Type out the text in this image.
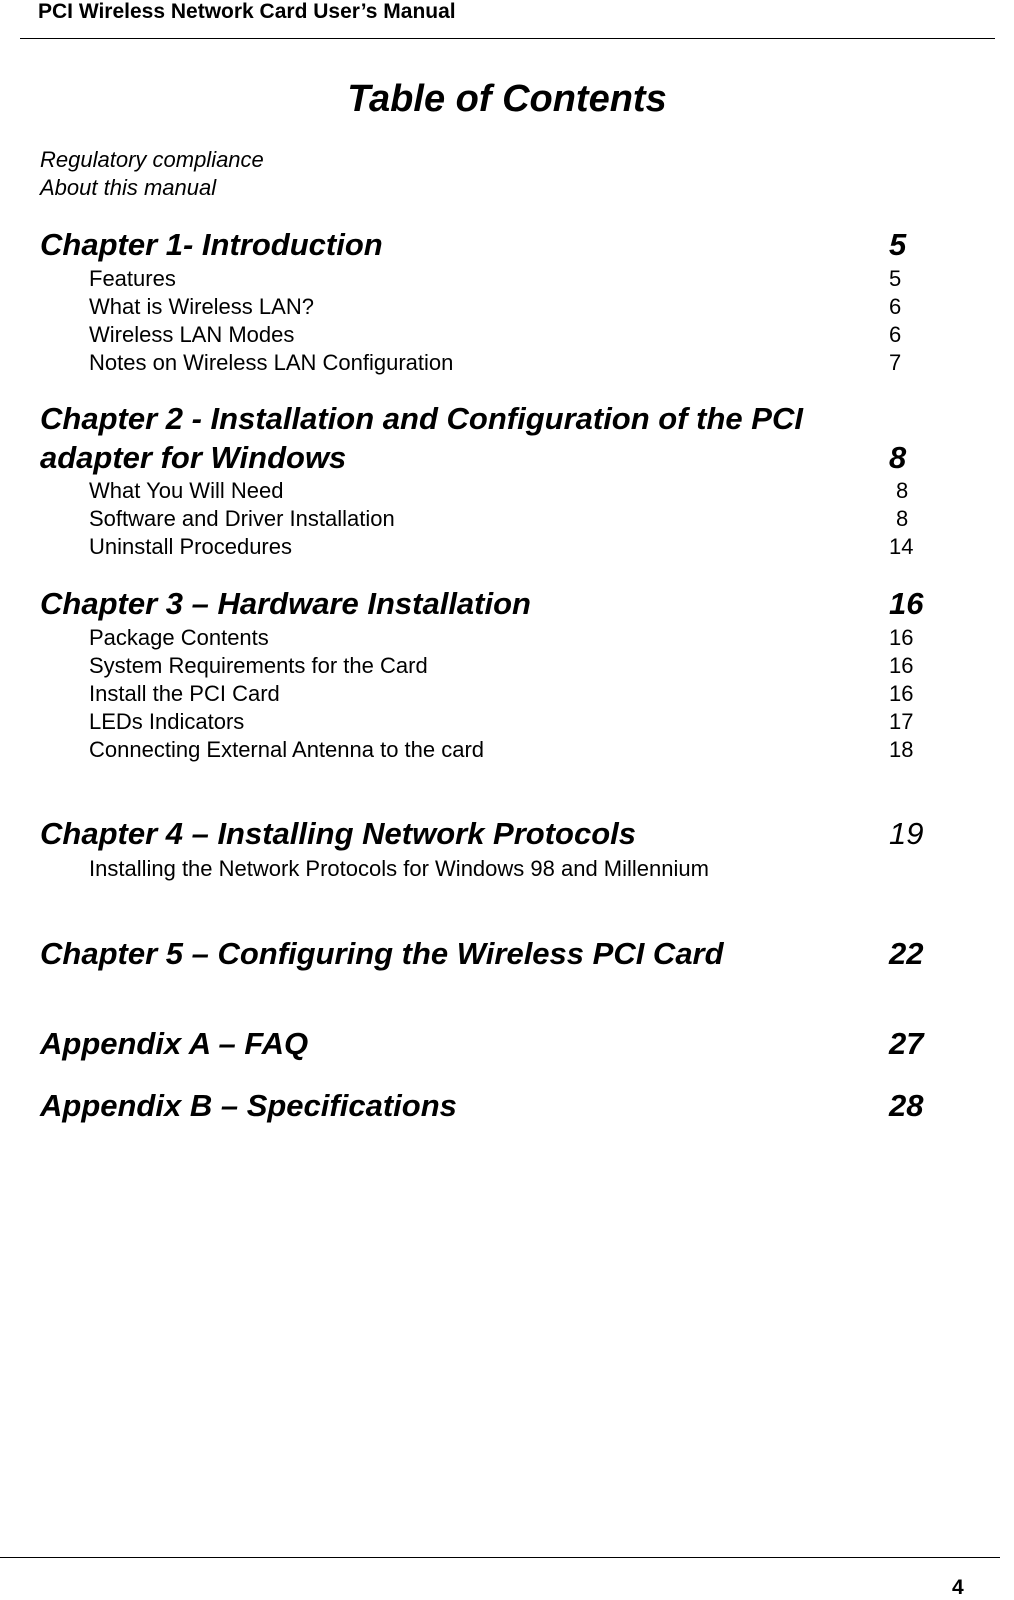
PCI Wireless Network Card User’s Manual
Table of Contents
Regulatory compliance
About this manual
Chapter 1- Introduction	5
Features	5
What is Wireless LAN?	6
Wireless LAN Modes	6
Notes on Wireless LAN Configuration	7
Chapter 2 - Installation and Configuration of the PCI
adapter for Windows	8
What You Will Need	8
Software and Driver Installation	8
Uninstall Procedures	14
Chapter 3 – Hardware Installation	16
Package Contents	16
System Requirements for the Card	16
Install the PCI Card	16
LEDs Indicators	17
Connecting External Antenna to the card	18
Chapter 4 – Installing Network Protocols	19
Installing the Network Protocols for Windows 98 and Millennium
Chapter 5 – Configuring the Wireless PCI Card	22
Appendix A – FAQ	27
Appendix B – Specifications	28
4
